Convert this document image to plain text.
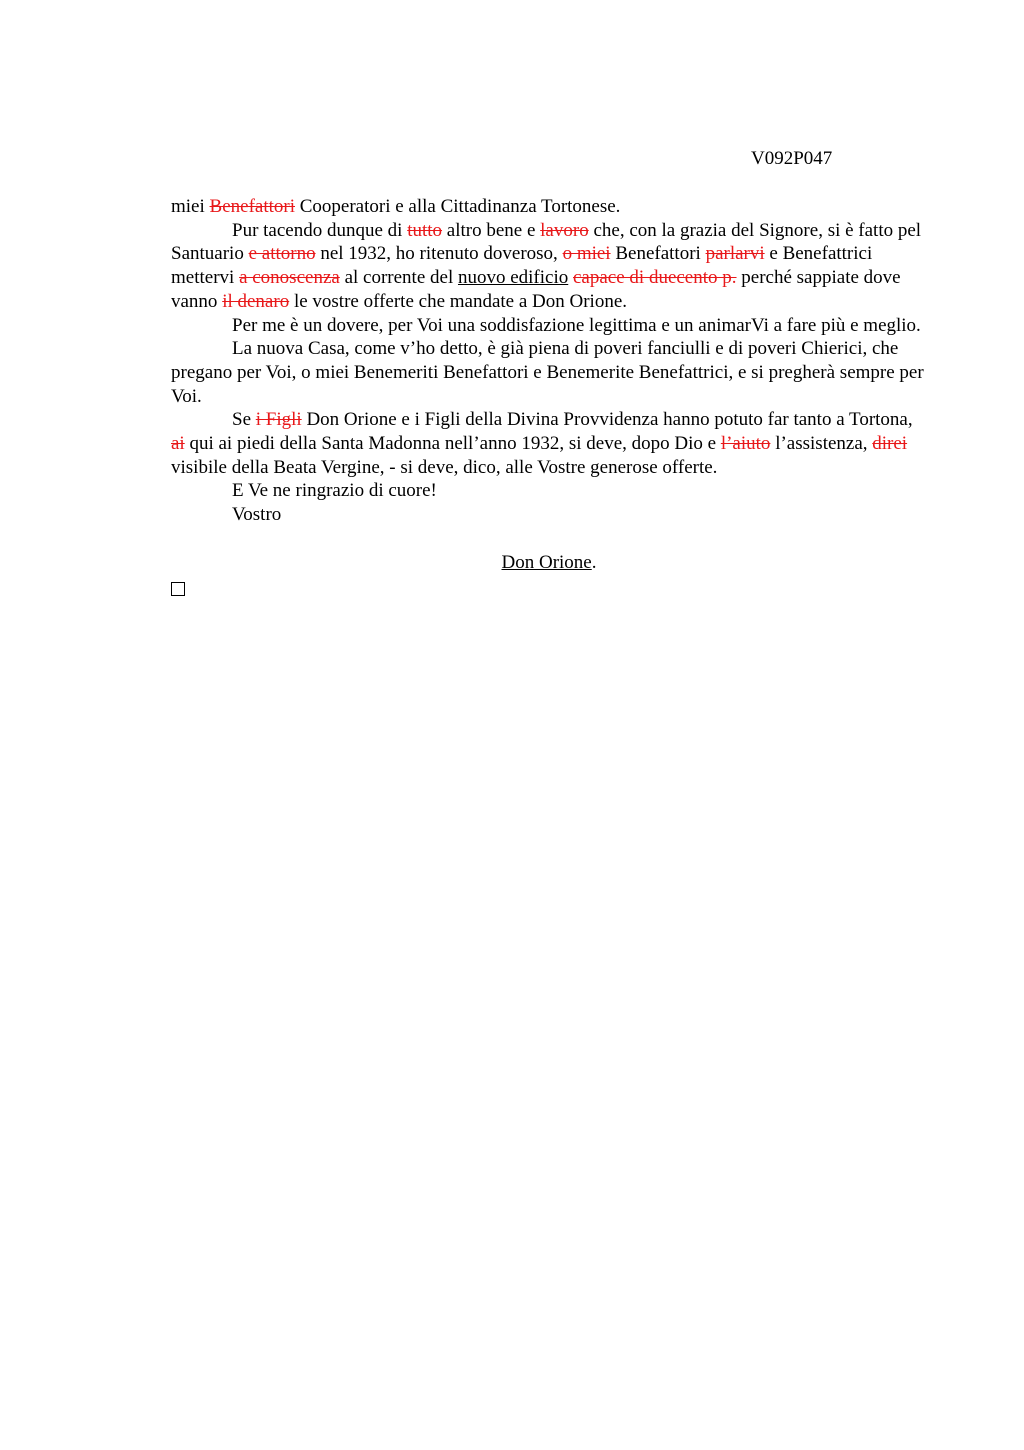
V092P047

miei Benefattori Cooperatori e alla Cittadinanza Tortonese.

Pur tacendo dunque di tutto altro bene e lavoro che, con la grazia del Signore, si è fatto pel Santuario e attorno nel 1932, ho ritenuto doveroso, o miei Benefattori parlarvi e Benefattrici mettervi a conoscenza al corrente del nuovo edificio capace di duecento p. perché sappiate dove vanno il denaro le vostre offerte che mandate a Don Orione.

Per me è un dovere, per Voi una soddisfazione legittima e un animarVi a fare più e meglio.

La nuova Casa, come v’ho detto, è già piena di poveri fanciulli e di poveri Chierici, che pregano per Voi, o miei Benemeriti Benefattori e Benemerite Benefattrici, e si pregherà sempre per Voi.

Se i Figli Don Orione e i Figli della Divina Provvidenza hanno potuto far tanto a Tortona, ai qui ai piedi della Santa Madonna nell’anno 1932, si deve, dopo Dio e l’aiuto l’assistenza, direi visibile della Beata Vergine, - si deve, dico, alle Vostre generose offerte.

E Ve ne ringrazio di cuore!

Vostro

Don Orione.
